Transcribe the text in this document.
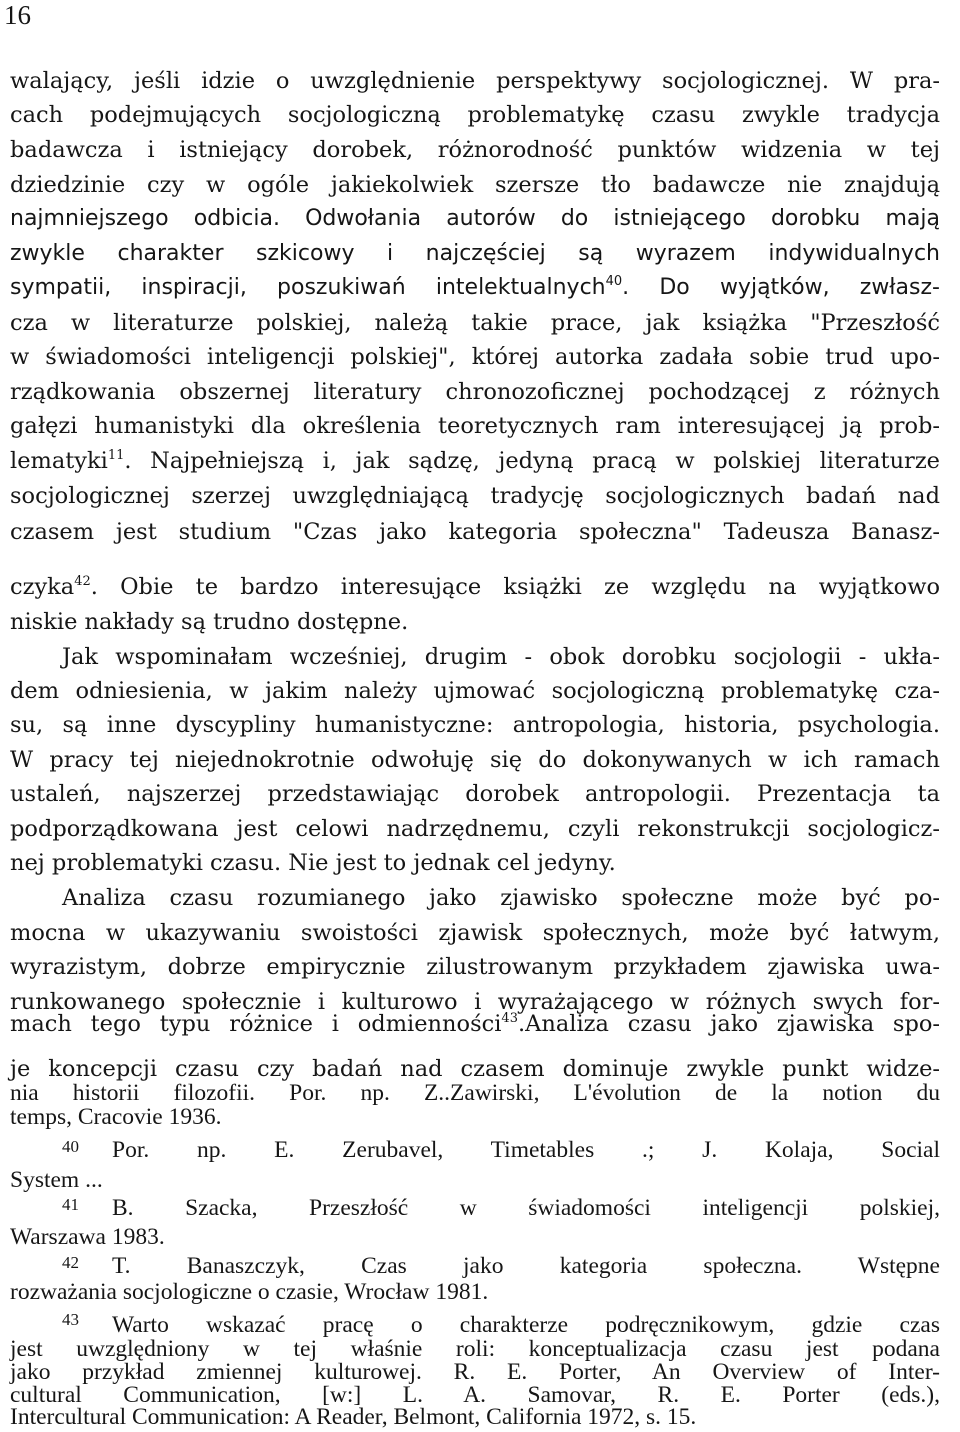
16
walający, jeśli idzie o uwzględnienie perspektywy socjologicznej. W pra-
cach podejmujących socjologiczną problematykę czasu zwykle tradycja
badawcza i istniejący dorobek, różnorodność punktów widzenia w tej
dziedzinie czy w ogóle jakiekolwiek szersze tło badawcze nie znajdują
najmniejszego odbicia. Odwołania autorów do istniejącego dorobku mają
zwykle charakter szkicowy i najczęściej są wyrazem indywidualnych
sympatii, inspiracji, poszukiwań intelektualnych$^{40}$. Do wyjątków, zwłasz-
cza w literaturze polskiej, należą takie prace, jak książka "Przeszłość
w świadomości inteligencji polskiej", której autorka zadała sobie trud upo-
rządkowania obszernej literatury chronozoficznej pochodzącej z różnych
gałęzi humanistyki dla określenia teoretycznych ram interesującej ją prob-
lematyki$^{11}$. Najpełniejszą i, jak sądzę, jedyną pracą w polskiej literaturze
socjologicznej szerzej uwzględniającą tradycję socjologicznych badań nad
czasem jest studium "Czas jako kategoria społeczna" Tadeusza Banasz-
czyka$^{42}$. Obie te bardzo interesujące książki ze względu na wyjątkowo
niskie nakłady są trudno dostępne.
Jak wspominałam wcześniej, drugim - obok dorobku socjologii - ukła-
dem odniesienia, w jakim należy ujmować socjologiczną problematykę cza-
su, są inne dyscypliny humanistyczne: antropologia, historia, psychologia.
W pracy tej niejednokrotnie odwołuję się do dokonywanych w ich ramach
ustaleń, najszerzej przedstawiając dorobek antropologii. Prezentacja ta
podporządkowana jest celowi nadrzędnemu, czyli rekonstrukcji socjologicz-
nej problematyki czasu. Nie jest to jednak cel jedyny.
Analiza czasu rozumianego jako zjawisko społeczne może być po-
mocna w ukazywaniu swoistości zjawisk społecznych, może być łatwym,
wyrazistym, dobrze empirycznie zilustrowanym przykładem zjawiska uwa-
runkowanego społecznie i kulturowo i wyrażającego w różnych swych for-
mach tego typu różnice i odmienności$^{43}$.Analiza czasu jako zjawiska spo-
je koncepcji czasu czy badań nad czasem dominuje zwykle punkt widze-
nia historii filozofii. Por. np. Z..Zawirski, L'évolution de la notion du
temps, Cracovie 1936.
40 Por. np. E. Zerubavel, Timetables .; J. Kolaja, Social
System ...
41 B. Szacka, Przeszłość w świadomości inteligencji polskiej,
Warszawa 1983.
42 T. Banaszczyk, Czas jako kategoria społeczna. Wstępne
rozważania socjologiczne o czasie, Wrocław 1981.
43 Warto wskazać pracę o charakterze podręcznikowym, gdzie czas
jest uwzględniony w tej właśnie roli: konceptualizacja czasu jest podana
jako przykład zmiennej kulturowej. R. E. Porter, An Overview of Inter-
cultural Communication, [w:] L. A. Samovar, R. E. Porter (eds.),
Intercultural Communication: A Reader, Belmont, California 1972, s. 15.
